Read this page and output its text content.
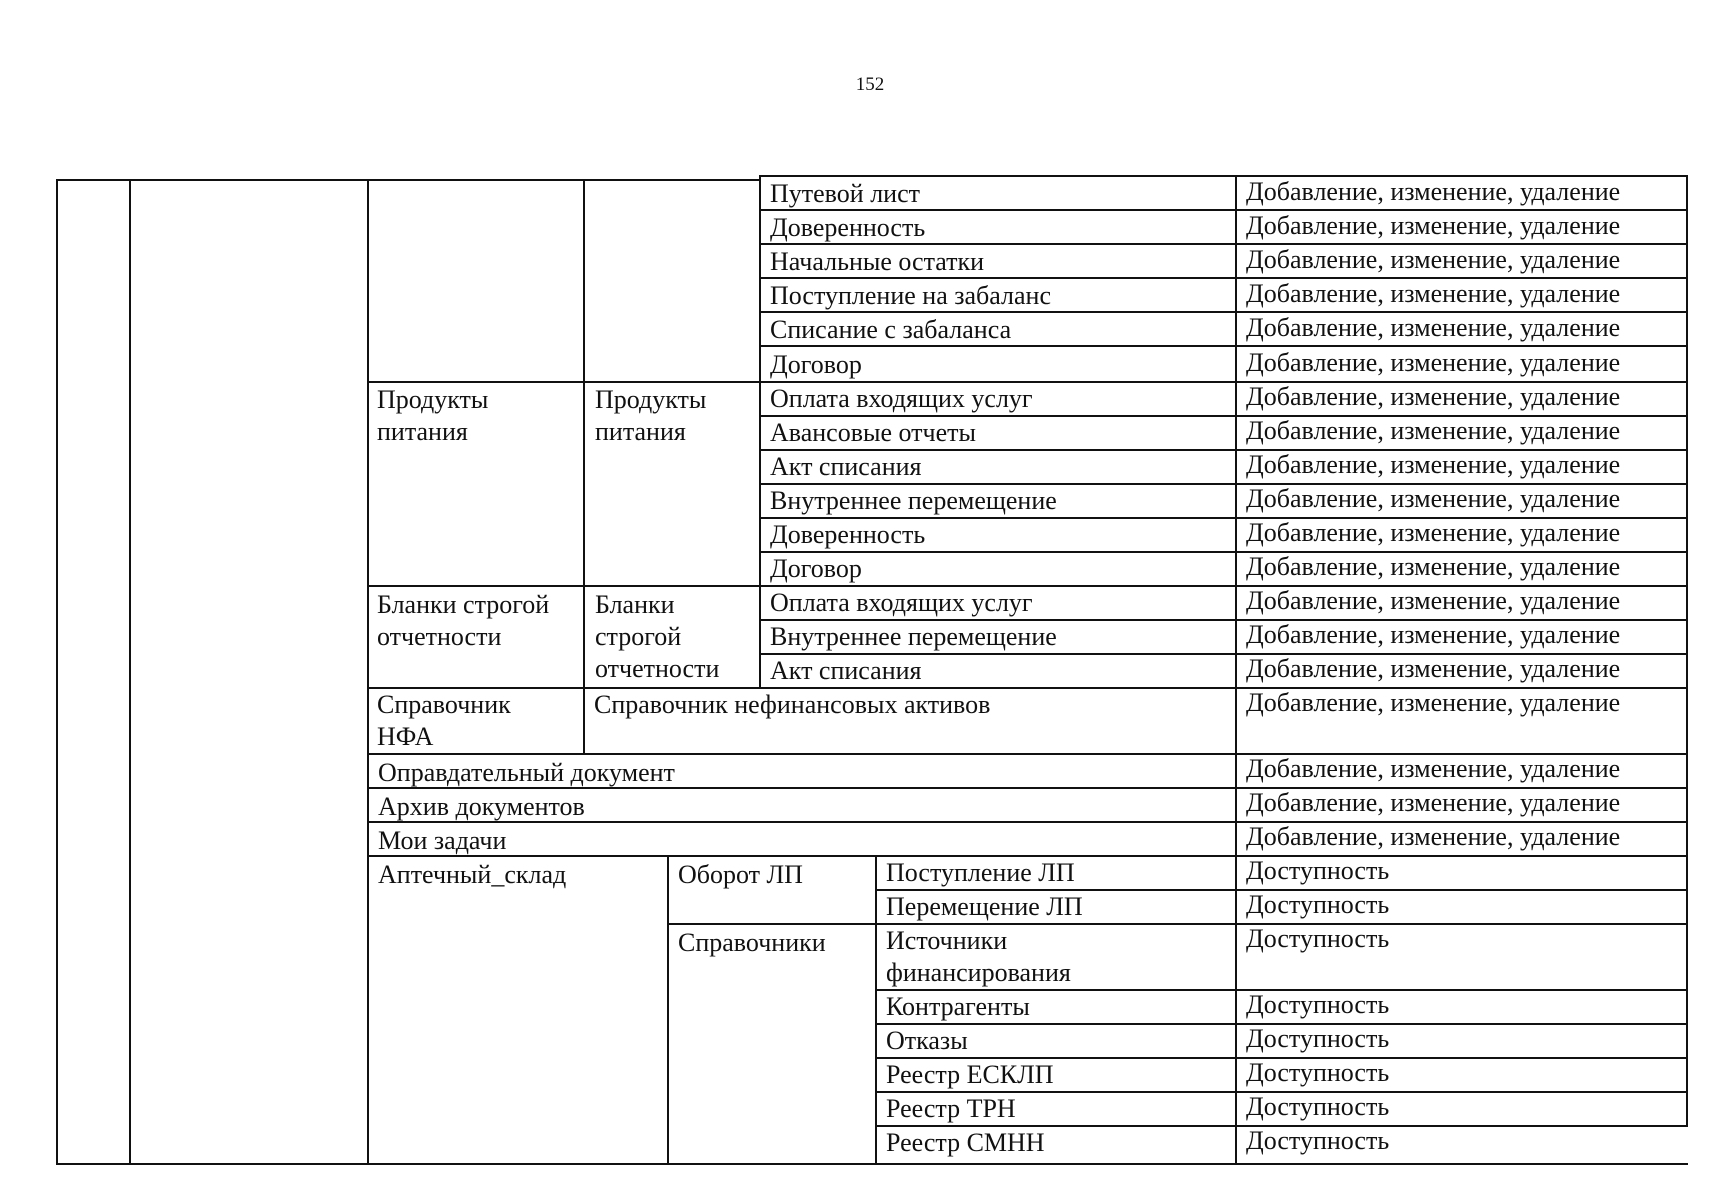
152
Путевой лист
Доверенность
Начальные остатки
Поступление на забаланс
Списание с забаланса
Договор
Оплата входящих услуг
Авансовые отчеты
Акт списания
Внутреннее перемещение
Доверенность
Договор
Оплата входящих услуг
Внутреннее перемещение
Акт списания
Справочник нефинансовых активов
Оправдательный документ
Архив документов
Мои задачи
Поступление ЛП
Перемещение ЛП
Источники финансирования
Контрагенты
Отказы
Реестр ЕСКЛП
Реестр ТРН
Реестр СМНН
Добавление, изменение, удаление
Добавление, изменение, удаление
Добавление, изменение, удаление
Добавление, изменение, удаление
Добавление, изменение, удаление
Добавление, изменение, удаление
Добавление, изменение, удаление
Добавление, изменение, удаление
Добавление, изменение, удаление
Добавление, изменение, удаление
Добавление, изменение, удаление
Добавление, изменение, удаление
Добавление, изменение, удаление
Добавление, изменение, удаление
Добавление, изменение, удаление
Добавление, изменение, удаление
Добавление, изменение, удаление
Добавление, изменение, удаление
Добавление, изменение, удаление
Доступность
Доступность
Доступность
Доступность
Доступность
Доступность
Доступность
Доступность
Продукты питания
Продукты питания
Бланки строгой отчетности
Бланки строгой отчетности
Справочник НФА
Аптечный_склад	Оборот ЛП
Справочники
